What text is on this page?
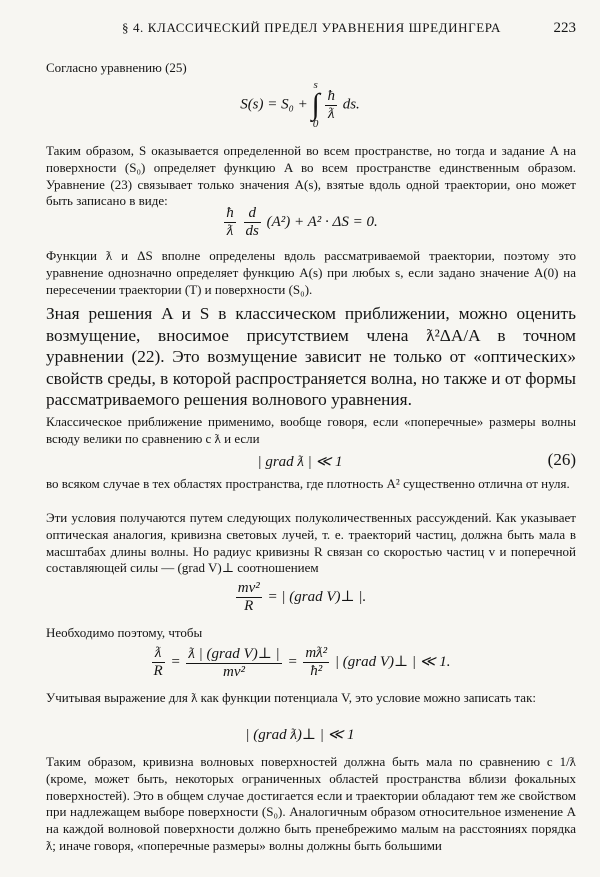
§ 4. КЛАССИЧЕСКИЙ ПРЕДЕЛ УРАВНЕНИЯ ШРЕДИНГЕРА	223
Согласно уравнению (25)
S(s) = S₀ +
s
∫
0

$\frac{ħ}{ƛ}$ ds.
Таким образом, S оказывается определенной во всем пространстве, но тогда и задание A на поверхности (S₀) определяет функцию A во всем пространстве единственным образом. Уравнение (23) связывает только значения A(s), взятые вдоль одной траектории, оно может быть записано в виде:
$\frac{ħ}{ƛ}$
$\frac{d}{ds} (A^2) + A^2 \cdot \Delta S = 0$.
Функции ƛ и ΔS вполне определены вдоль рассматриваемой траектории, поэтому это уравнение однозначно определяет функцию A(s) при любых s, если задано значение A(0) на пересечении траектории (T) и поверхности (S₀).
Зная решения A и S в классическом приближении, можно оценить возмущение, вносимое присутствием члена ƛ²ΔA/A в точном уравнении (22). Это возмущение зависит не только от «оптических» свойств среды, в которой распространяется волна, но также и от формы рассматриваемого решения волнового уравнения.
Классическое приближение применимо, вообще говоря, если «поперечные» размеры волны всюду велики по сравнению с ƛ и если
| grad ƛ | ≪ 1	(26)
во всяком случае в тех областях пространства, где плотность A² существенно отлична от нуля.
Эти условия получаются путем следующих полуколичественных рассуждений. Как указывает оптическая аналогия, кривизна световых лучей, т. е. траекторий частиц, должна быть мала в масштабах длины волны. Но радиус кривизны R связан со скоростью частиц v и поперечной составляющей силы — (grad V)⊥ соотношением
$\frac{\text{mv²}}{R}$ = | (grad V)⊥ |.
Необходимо поэтому, чтобы
$\frac{ƛ}{R} = \frac{\text{ƛ | (grad V)⊥ |}}{\text{mv²}} = \frac{\text{mƛ²}}{\text{ħ²}}$ | (grad V)⊥ | ≪ 1.
Учитывая выражение для ƛ как функции потенциала V, это условие можно записать так:
| (grad ƛ)⊥ | ≪ 1
Таким образом, кривизна волновых поверхностей должна быть мала по сравнению с 1/ƛ (кроме, может быть, некоторых ограниченных областей пространства вблизи фокальных поверхностей). Это в общем случае достигается если и траектории обладают тем же свойством при надлежащем выборе поверхности (S₀). Аналогичным образом относительное изменение A на каждой волновой поверхности должно быть пренебрежимо малым на расстояниях порядка ƛ; иначе говоря, «поперечные размеры» волны должны быть большими
